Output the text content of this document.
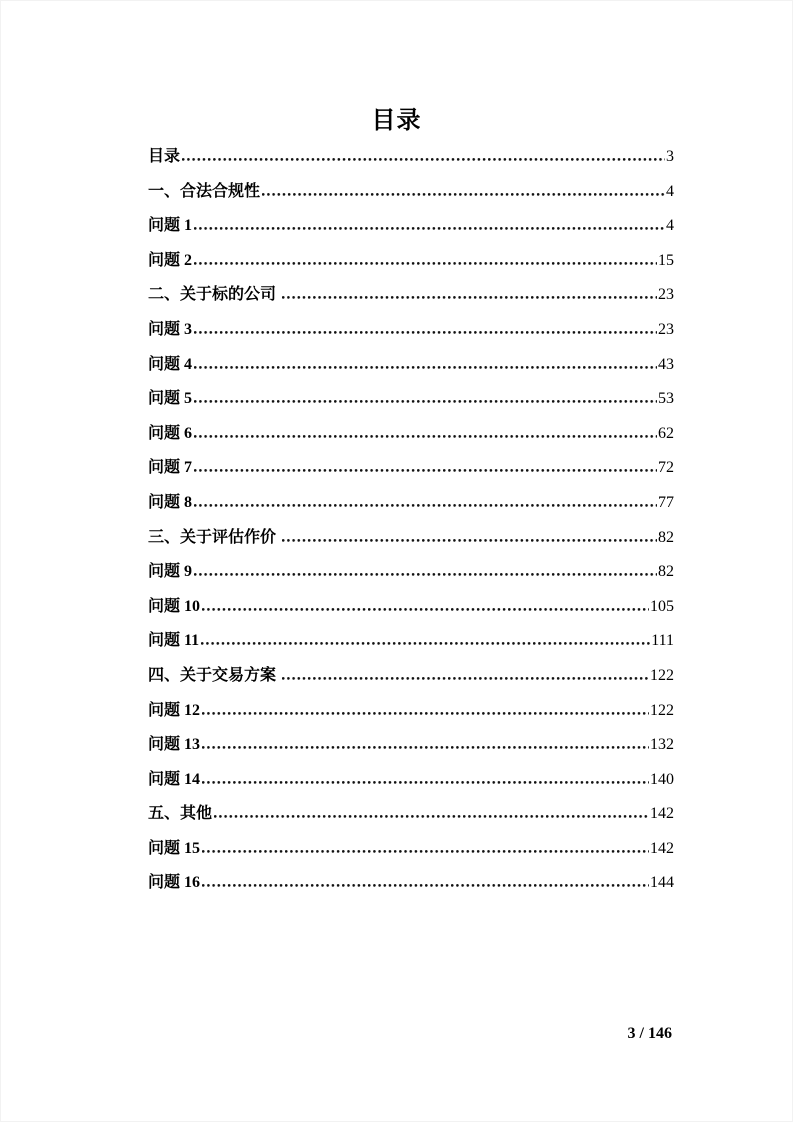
目录
目录	3
一、合法合规性	4
问题 1	4
问题 2	15
二、关于标的公司	23
问题 3	23
问题 4	43
问题 5	53
问题 6	62
问题 7	72
问题 8	77
三、关于评估作价	82
问题 9	82
问题 10	105
问题 11	111
四、关于交易方案	122
问题 12	122
问题 13	132
问题 14	140
五、其他	142
问题 15	142
问题 16	144
3 / 146
